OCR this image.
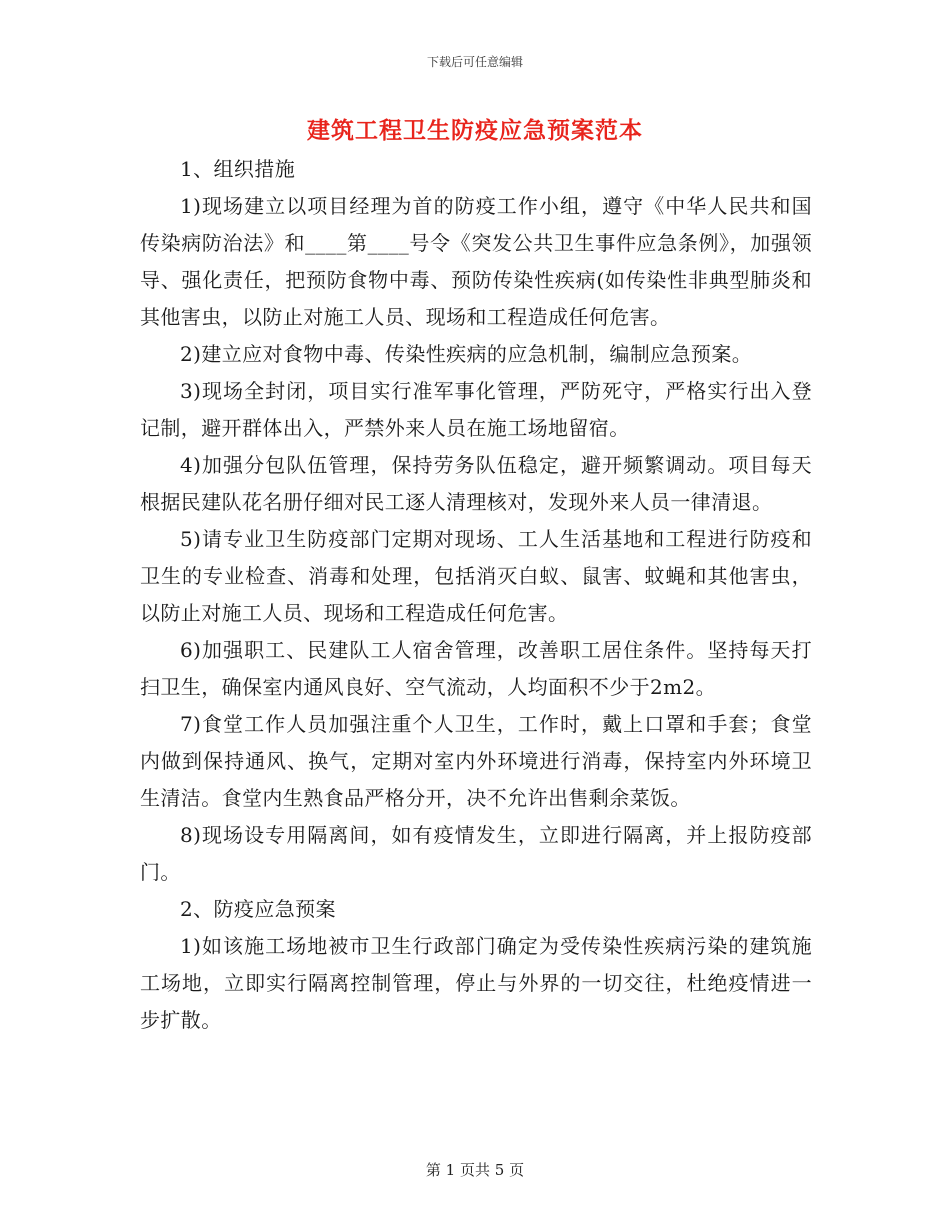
下载后可任意编辑
建筑工程卫生防疫应急预案范本

1、组织措施

1)现场建立以项目经理为首的防疫工作小组，遵守《中华人民共和国传染病防治法》和____第____号令《突发公共卫生事件应急条例》，加强领导、强化责任，把预防食物中毒、预防传染性疾病(如传染性非典型肺炎和其他害虫，以防止对施工人员、现场和工程造成任何危害。

2)建立应对食物中毒、传染性疾病的应急机制，编制应急预案。

3)现场全封闭，项目实行准军事化管理，严防死守，严格实行出入登记制，避开群体出入，严禁外来人员在施工场地留宿。

4)加强分包队伍管理，保持劳务队伍稳定，避开频繁调动。项目每天根据民建队花名册仔细对民工逐人清理核对，发现外来人员一律清退。

5)请专业卫生防疫部门定期对现场、工人生活基地和工程进行防疫和卫生的专业检查、消毒和处理，包括消灭白蚁、鼠害、蚊蝇和其他害虫，以防止对施工人员、现场和工程造成任何危害。

6)加强职工、民建队工人宿舍管理，改善职工居住条件。坚持每天打扫卫生，确保室内通风良好、空气流动，人均面积不少于2m2。

7)食堂工作人员加强注重个人卫生，工作时，戴上口罩和手套；食堂内做到保持通风、换气，定期对室内外环境进行消毒，保持室内外环境卫生清洁。食堂内生熟食品严格分开，决不允许出售剩余菜饭。

8)现场设专用隔离间，如有疫情发生，立即进行隔离，并上报防疫部门。

2、防疫应急预案

1)如该施工场地被市卫生行政部门确定为受传染性疾病污染的建筑施工场地，立即实行隔离控制管理，停止与外界的一切交往，杜绝疫情进一步扩散。

第 1 页共 5 页
